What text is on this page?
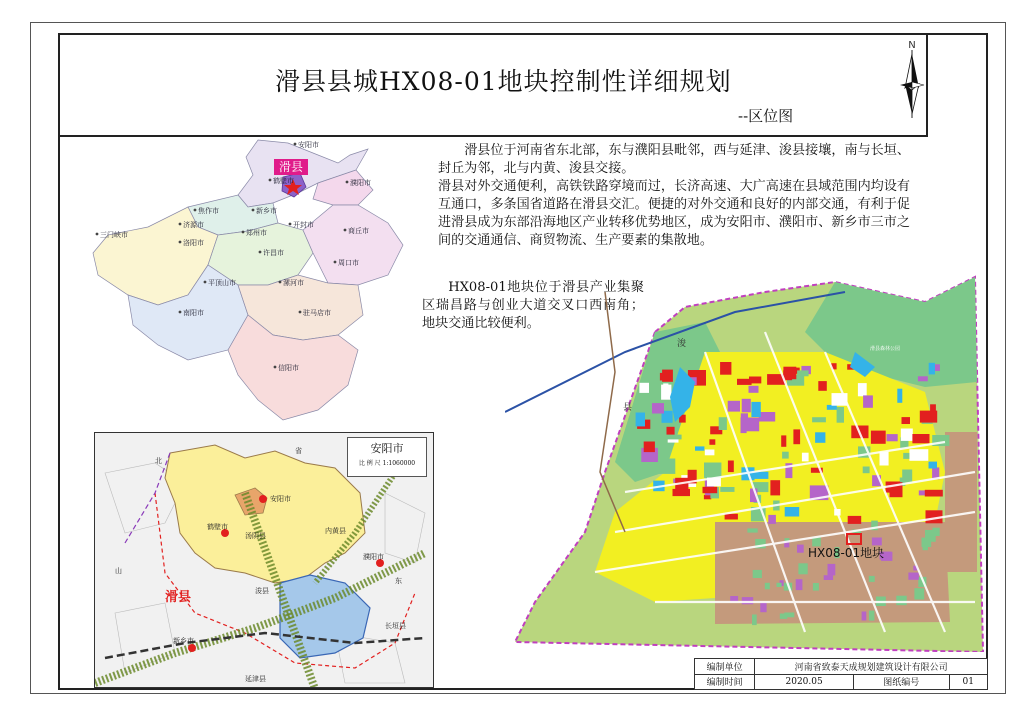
滑县县城HX08-01地块控制性详细规划
--区位图
N

滑县位于河南省东北部，东与濮阳县毗邻，西与延津、浚县接壤，南与长垣、封丘为邻，北与内黄、浚县交接。

滑县对外交通便利，高铁铁路穿境而过，长济高速、大广高速在县域范围内均设有互通口，多条国省道路在滑县交汇。便捷的对外交通和良好的内部交通，有利于促进滑县成为东部沿海地区产业转移优势地区，成为安阳市、濮阳市、新乡市三市之间的交通通信、商贸物流、生产要素的集散地。

HX08-01地块位于滑县产业集聚区瑞昌路与创业大道交叉口西南角；地块交通比较便利。

滑县
安阳市
鹤壁市
新乡市
焦作市
济源市
三门峡市
洛阳市
郑州市
开封市
商丘市
许昌市
平顶山市	漯河市
周口市
南阳市	驻马店市
信阳市
濮阳市
安阳市
鹤壁市
濮阳市
新乡市
汤阴县
浚县
内黄县
长垣县
延津县
北
山
东
省	安阳市
比 例 尺 1:1060000
滑县
浚
县
滑县森林公园
HX08-01地块
编制单位	河南省致泰天成规划建筑设计有限公司		
编制时间	2020.05	图纸编号	01
